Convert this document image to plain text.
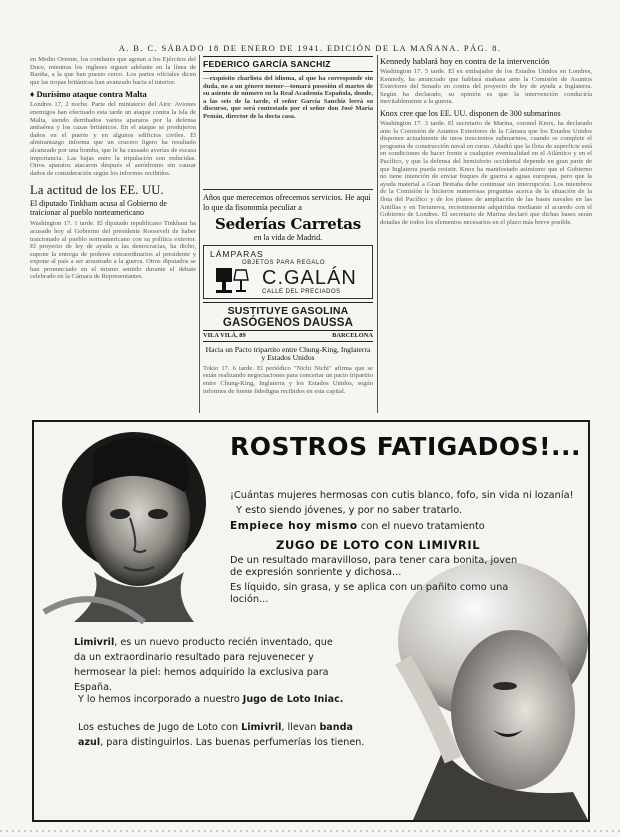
A. B. C. SÁBADO 18 DE ENERO DE 1941. EDICIÓN DE LA MAÑANA. PÁG. 8.

en Medio Oriente, los combates que agotan a los Ejércitos del Duce, mientras los ingleses siguen adelante en la línea de Bardia, a la que han puesto cerco. Los partes oficiales dicen que las tropas británicas han avanzado hacia el interior.

♦ Durísimo ataque contra Malta

Londres 17, 2 noche. Parte del ministerio del Aire: Aviones enemigos han efectuado esta tarde un ataque contra la isla de Malta, siendo derribados varios aparatos por la defensa antiaérea y los cazas británicos. En el ataque se produjeron daños en el puerto y en algunos edificios civiles. El almirantazgo informa que un crucero ligero ha resultado alcanzado por una bomba, que le ha causado averías de escasa importancia. Las bajas entre la tripulación son reducidas. Otros aparatos atacaron después el aeródromo sin causar daños de consideración según los informes recibidos.

La actitud de los EE. UU.
El diputado Tinkham acusa al Gobierno de traicionar al pueblo norteamericano

Washington 17. 1 tarde. El diputado republicano Tinkham ha acusado hoy al Gobierno del presidente Roosevelt de haber traicionado al pueblo norteamericano con su política exterior. El proyecto de ley de ayuda a las democracias, ha dicho, supone la entrega de poderes extraordinarios al presidente y expone al país a ser arrastrado a la guerra. Otros diputados se han pronunciado en el mismo sentido durante el debate celebrado en la Cámara de Representantes.

FEDERICO GARCÍA SANCHIZ

—exquisito charlista del idioma, al que ha corresponde sin duda, no a un género menor—tomará posesión el martes de su asiento de número en la Real Academia Española, donde, a las seis de la tarde, el señor García Sanchiz leerá su discurso, que será contestado por el señor don José María Pemán, director de la docta casa.

Años que merecemos ofrecemos servicios. He aquí lo que da fisonomía peculiar a

Sederías Carretas
en la vida de Madrid.
LÁMPARAS
OBJETOS PARA REGALO
C.GALÁN
CALLE DEL PRECIADOS
SUSTITUYE GASOLINA
GASÓGENOS DAUSSA
VILA VILÁ, 89	BARCELONA
Hacia un Pacto tripartito entre Chung-King, Inglaterra y Estados Unidos

Tokio 17. 6 tarde. El periódico "Nichi Nichi" afirma que se están realizando negociaciones para concertar un pacto tripartito entre Chung-King, Inglaterra y los Estados Unidos, según informes de fuente fidedigna recibidos en esta capital.

Kennedy hablará hoy en contra de la intervención

Washington 17. 5 tarde. El ex embajador de los Estados Unidos en Londres, Kennedy, ha anunciado que hablará mañana ante la Comisión de Asuntos Exteriores del Senado en contra del proyecto de ley de ayuda a Inglaterra. Según ha declarado, su opinión es que la intervención conduciría inevitablemente a la guerra.

Knox cree que los EE. UU. disponen de 300 submarinos

Washington 17. 3 tarde. El secretario de Marina, coronel Knox, ha declarado ante la Comisión de Asuntos Exteriores de la Cámara que los Estados Unidos disponen actualmente de unos trescientos submarinos, cuando se complete el programa de construcción naval en curso. Añadió que la flota de superficie está en condiciones de hacer frente a cualquier eventualidad en el Atlántico y en el Pacífico, y que la defensa del hemisferio occidental depende en gran parte de que Inglaterra pueda resistir. Knox ha manifestado asimismo que el Gobierno no tiene intención de enviar buques de guerra a aguas europeas, pero que la ayuda material a Gran Bretaña debe continuar sin interrupción. Los miembros de la Comisión le hicieron numerosas preguntas acerca de la situación de la flota del Pacífico y de los planes de ampliación de las bases navales en las Antillas y en Terranova, recientemente adquiridas mediante el acuerdo con el Gobierno de Londres. El secretario de Marina declaró que dichas bases serán dotadas de todos los elementos necesarios en el plazo más breve posible.

ROSTROS FATIGADOS!...
¡Cuántas mujeres hermosas con cutis blanco, fofo, sin vida ni lozanía!
Y esto siendo jóvenes, y por no saber tratarlo.
Empiece hoy mismo con el nuevo tratamiento
ZUGO DE LOTO CON LIMIVRIL
De un resultado maravilloso, para tener cara bonita, joven de expresión sonriente y dichosa...
Es líquido, sin grasa, y se aplica con un pañito como una loción...
Limivril, es un nuevo producto recién inventado, que da un extraordinario resultado para rejuvenecer y hermosear la piel: hemos adquirido la exclusiva para España.
Y lo hemos incorporado a nuestro Jugo de Loto Iniac.
Los estuches de Jugo de Loto con Limivril, llevan banda azul, para distinguirlos. Las buenas perfumerías los tienen.
